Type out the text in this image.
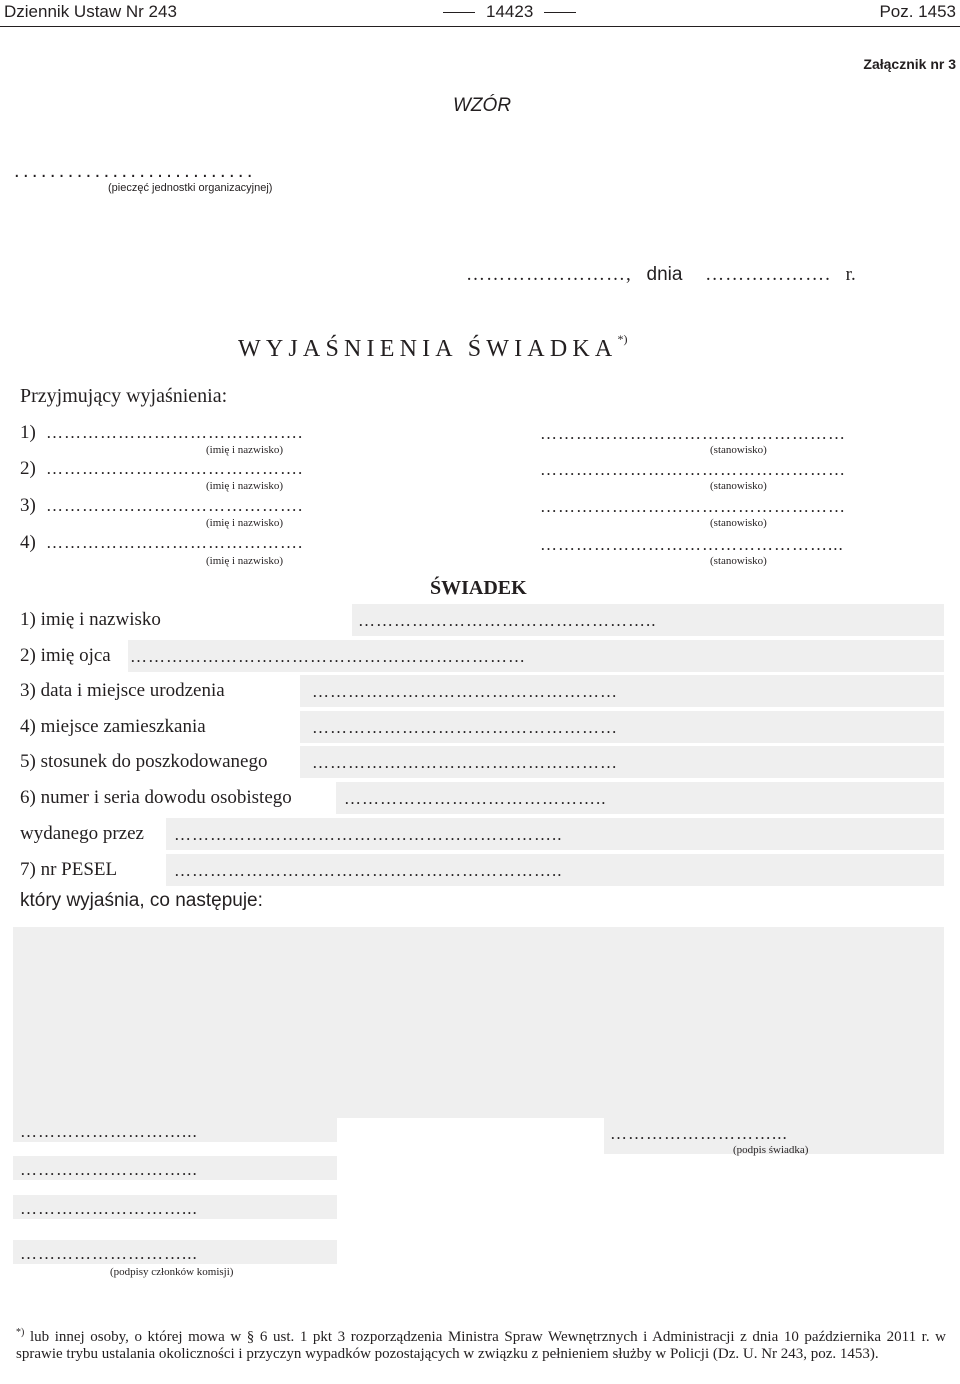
Dziennik Ustaw Nr 243	14423	Poz. 1453
Załącznik nr 3
WZÓR
...........................
(pieczęć jednostki organizacyjnej)
……………………, dnia ………………. r.
WYJAŚNIENIA ŚWIADKA*)
Przyjmujący wyjaśnienia:
1) …………………………………….
(imię i nazwisko)
……………………………………………
(stanowisko)
2) …………………………………….
(imię i nazwisko)
……………………………………………
(stanowisko)
3) …………………………………….
(imię i nazwisko)
……………………………………………
(stanowisko)
4) …………………………………….
(imię i nazwisko)
…………………………………………...
(stanowisko)
ŚWIADEK
1) imię i nazwisko	…………………………………………..
2) imię ojca …………………………………………………………
3) data i miejsce urodzenia	……………………………………………
4) miejsce zamieszkania	……………………………………………
5) stosunek do poszkodowanego	……………………………………………
6) numer i seria dowodu osobistego	……………………………………..
wydanego przez ………………………………………………………..
7) nr PESEL	………………………………………………………..
który wyjaśnia, co następuje:
………………………...
………………………...
………………………...
………………………...
(podpisy członków komisji)
………………………...
(podpis świadka)
*) lub innej osoby, o której mowa w § 6 ust. 1 pkt 3 rozporządzenia Ministra Spraw Wewnętrznych i Administracji z dnia 10 października 2011 r. w sprawie trybu ustalania okoliczności i przyczyn wypadków pozostających w związku z pełnieniem służby w Policji (Dz. U. Nr 243, poz. 1453).
